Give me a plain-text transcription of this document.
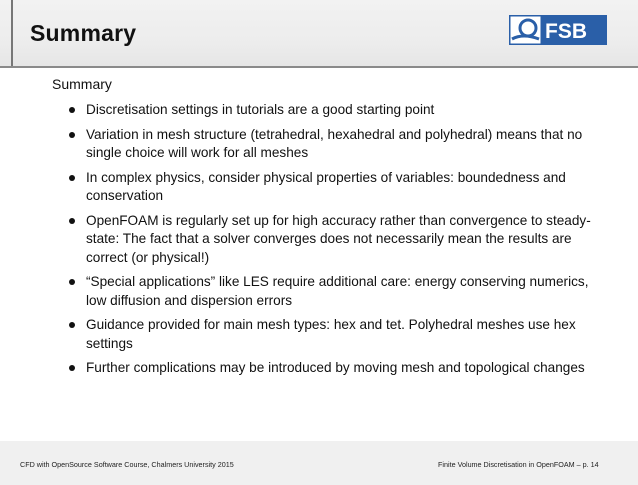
Summary	FSB
Summary
Discretisation settings in tutorials are a good starting point
Variation in mesh structure (tetrahedral, hexahedral and polyhedral) means that no single choice will work for all meshes
In complex physics, consider physical properties of variables: boundedness and conservation
OpenFOAM is regularly set up for high accuracy rather than convergence to steady-state: The fact that a solver converges does not necessarily mean the results are correct (or physical!)
“Special applications” like LES require additional care: energy conserving numerics, low diffusion and dispersion errors
Guidance provided for main mesh types: hex and tet. Polyhedral meshes use hex settings
Further complications may be introduced by moving mesh and topological changes
CFD with OpenSource Software Course, Chalmers University 2015	Finite Volume Discretisation in OpenFOAM – p. 14
